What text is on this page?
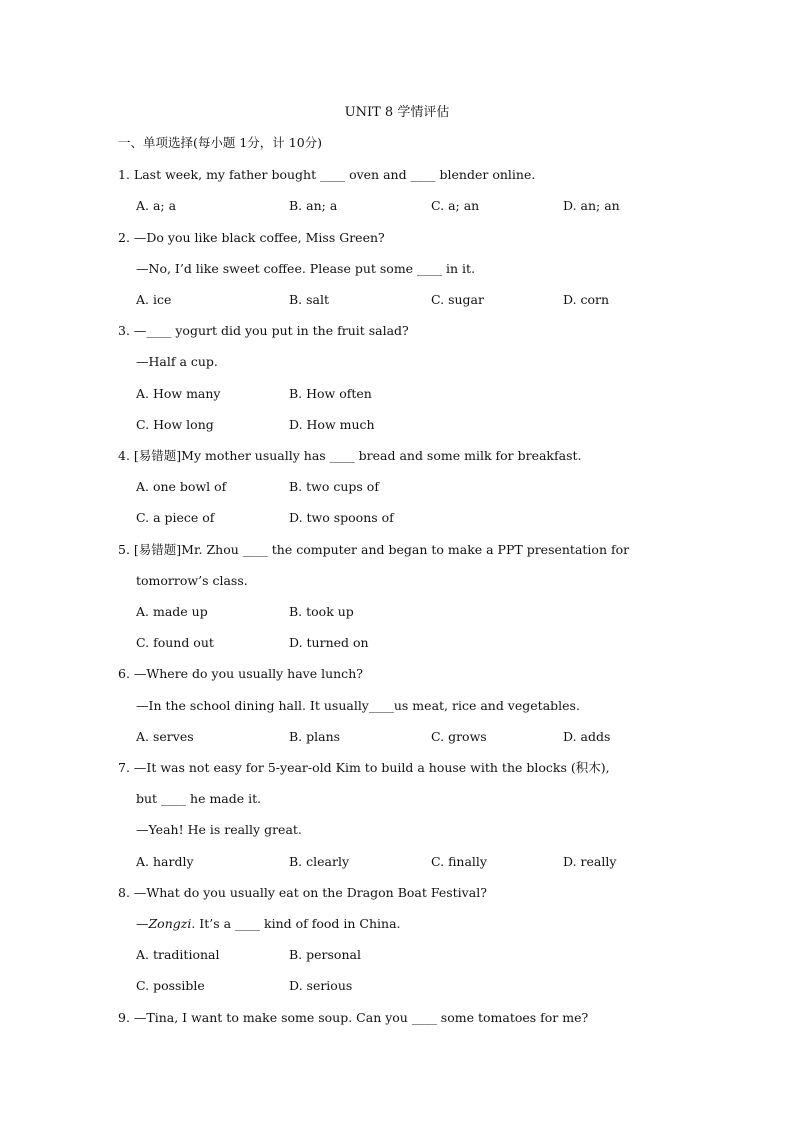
UNIT 8 学情评估
一、单项选择(每小题 1分，计 10分)
1. Last week, my father bought ____ oven and ____ blender online.
A. a; a	B. an; a	C. a; an	D. an; an
2. —Do you like black coffee, Miss Green?
—No, I’d like sweet coffee. Please put some ____ in it.
A. ice	B. salt	C. sugar	D. corn
3. —____ yogurt did you put in the fruit salad?
—Half a cup.
A. How many	B. How often
C. How long	D. How much
4. [易错题]My mother usually has ____ bread and some milk for breakfast.
A. one bowl of	B. two cups of
C. a piece of	D. two spoons of
5. [易错题]Mr. Zhou ____ the computer and began to make a PPT presentation for
tomorrow’s class.
A. made up	B. took up
C. found out	D. turned on
6. —Where do you usually have lunch?
—In the school dining hall. It usually____us meat, rice and vegetables.
A. serves	B. plans	C. grows	D. adds
7. —It was not easy for 5-year-old Kim to build a house with the blocks (积木),
but ____ he made it.
—Yeah! He is really great.
A. hardly	B. clearly	C. finally	D. really
8. —What do you usually eat on the Dragon Boat Festival?
—Zongzi. It’s a ____ kind of food in China.
A. traditional	B. personal
C. possible	D. serious
9. —Tina, I want to make some soup. Can you ____ some tomatoes for me?
